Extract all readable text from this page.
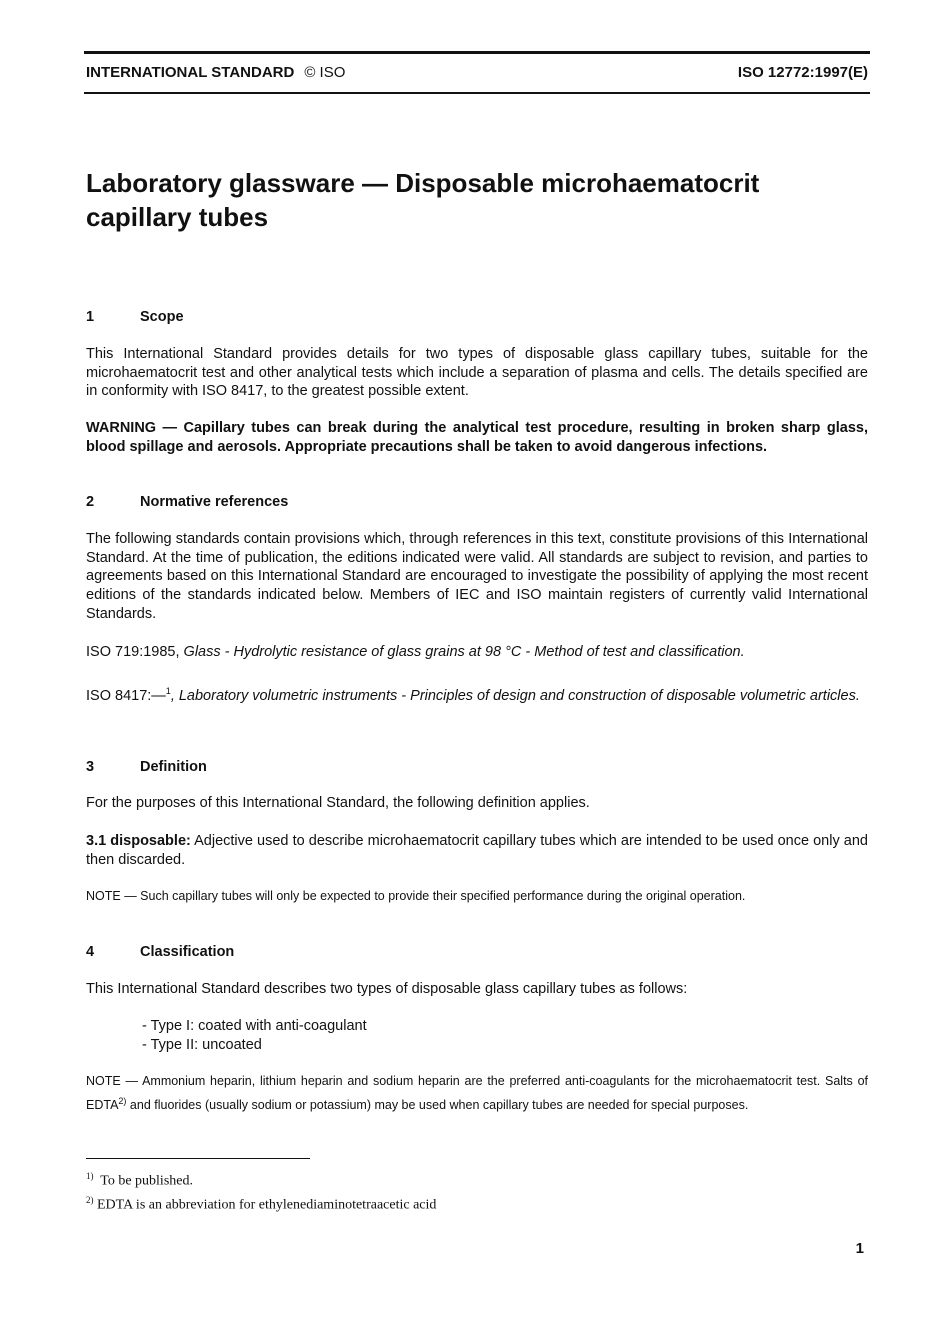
INTERNATIONAL STANDARD © ISO	ISO 12772:1997(E)
Laboratory glassware — Disposable microhaematocrit
capillary tubes
1	Scope

This International Standard provides details for two types of disposable glass capillary tubes, suitable for the microhaematocrit test and other analytical tests which include a separation of plasma and cells. The details specified are in conformity with ISO 8417, to the greatest possible extent.

WARNING — Capillary tubes can break during the analytical test procedure, resulting in broken sharp glass, blood spillage and aerosols. Appropriate precautions shall be taken to avoid dangerous infections.

2	Normative references

The following standards contain provisions which, through references in this text, constitute provisions of this International Standard. At the time of publication, the editions indicated were valid. All standards are subject to revision, and parties to agreements based on this International Standard are encouraged to investigate the possibility of applying the most recent editions of the standards indicated below. Members of IEC and ISO maintain registers of currently valid International Standards.

ISO 719:1985, Glass - Hydrolytic resistance of glass grains at 98 °C - Method of test and classification.

ISO 8417:—$^1$, Laboratory volumetric instruments - Principles of design and construction of disposable volumetric articles.

3	Definition

For the purposes of this International Standard, the following definition applies.

3.1 disposable: Adjective used to describe microhaematocrit capillary tubes which are intended to be used once only and then discarded.

NOTE — Such capillary tubes will only be expected to provide their specified performance during the original operation.

4	Classification

This International Standard describes two types of disposable glass capillary tubes as follows:

- Type I: coated with anti-coagulant
- Type II: uncoated

NOTE — Ammonium heparin, lithium heparin and sodium heparin are the preferred anti-coagulants for the microhaematocrit test. Salts of EDTA$^{2)}$ and fluorides (usually sodium or potassium) may be used when capillary tubes are needed for special purposes.

$^{1)}$ To be published.
$^{2)}$ EDTA is an abbreviation for ethylenediaminotetraacetic acid
1
